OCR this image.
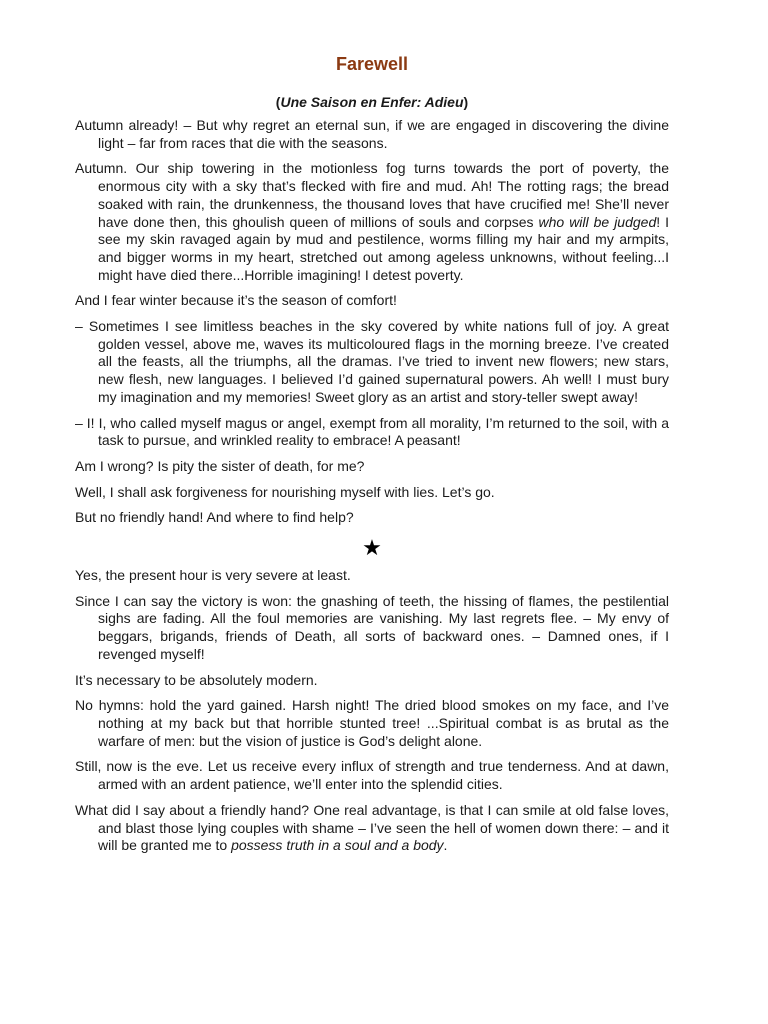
Farewell
(Une Saison en Enfer: Adieu)

Autumn already! – But why regret an eternal sun, if we are engaged in discovering the divine light – far from races that die with the seasons.

Autumn. Our ship towering in the motionless fog turns towards the port of poverty, the enormous city with a sky that’s flecked with fire and mud. Ah! The rotting rags; the bread soaked with rain, the drunkenness, the thousand loves that have crucified me! She’ll never have done then, this ghoulish queen of millions of souls and corpses who will be judged! I see my skin ravaged again by mud and pestilence, worms filling my hair and my armpits, and bigger worms in my heart, stretched out among ageless unknowns, without feeling...I might have died there...Horrible imagining! I detest poverty.

And I fear winter because it’s the season of comfort!

– Sometimes I see limitless beaches in the sky covered by white nations full of joy. A great golden vessel, above me, waves its multicoloured flags in the morning breeze. I’ve created all the feasts, all the triumphs, all the dramas. I’ve tried to invent new flowers; new stars, new flesh, new languages. I believed I’d gained supernatural powers. Ah well! I must bury my imagination and my memories! Sweet glory as an artist and story-teller swept away!

– I! I, who called myself magus or angel, exempt from all morality, I’m returned to the soil, with a task to pursue, and wrinkled reality to embrace! A peasant!

Am I wrong? Is pity the sister of death, for me?

Well, I shall ask forgiveness for nourishing myself with lies. Let’s go.

But no friendly hand! And where to find help?

★

Yes, the present hour is very severe at least.

Since I can say the victory is won: the gnashing of teeth, the hissing of flames, the pestilential sighs are fading. All the foul memories are vanishing. My last regrets flee. – My envy of beggars, brigands, friends of Death, all sorts of backward ones. – Damned ones, if I revenged myself!

It’s necessary to be absolutely modern.

No hymns: hold the yard gained. Harsh night! The dried blood smokes on my face, and I’ve nothing at my back but that horrible stunted tree! ...Spiritual combat is as brutal as the warfare of men: but the vision of justice is God’s delight alone.

Still, now is the eve. Let us receive every influx of strength and true tenderness. And at dawn, armed with an ardent patience, we’ll enter into the splendid cities.

What did I say about a friendly hand? One real advantage, is that I can smile at old false loves, and blast those lying couples with shame – I’ve seen the hell of women down there: – and it will be granted me to possess truth in a soul and a body.
